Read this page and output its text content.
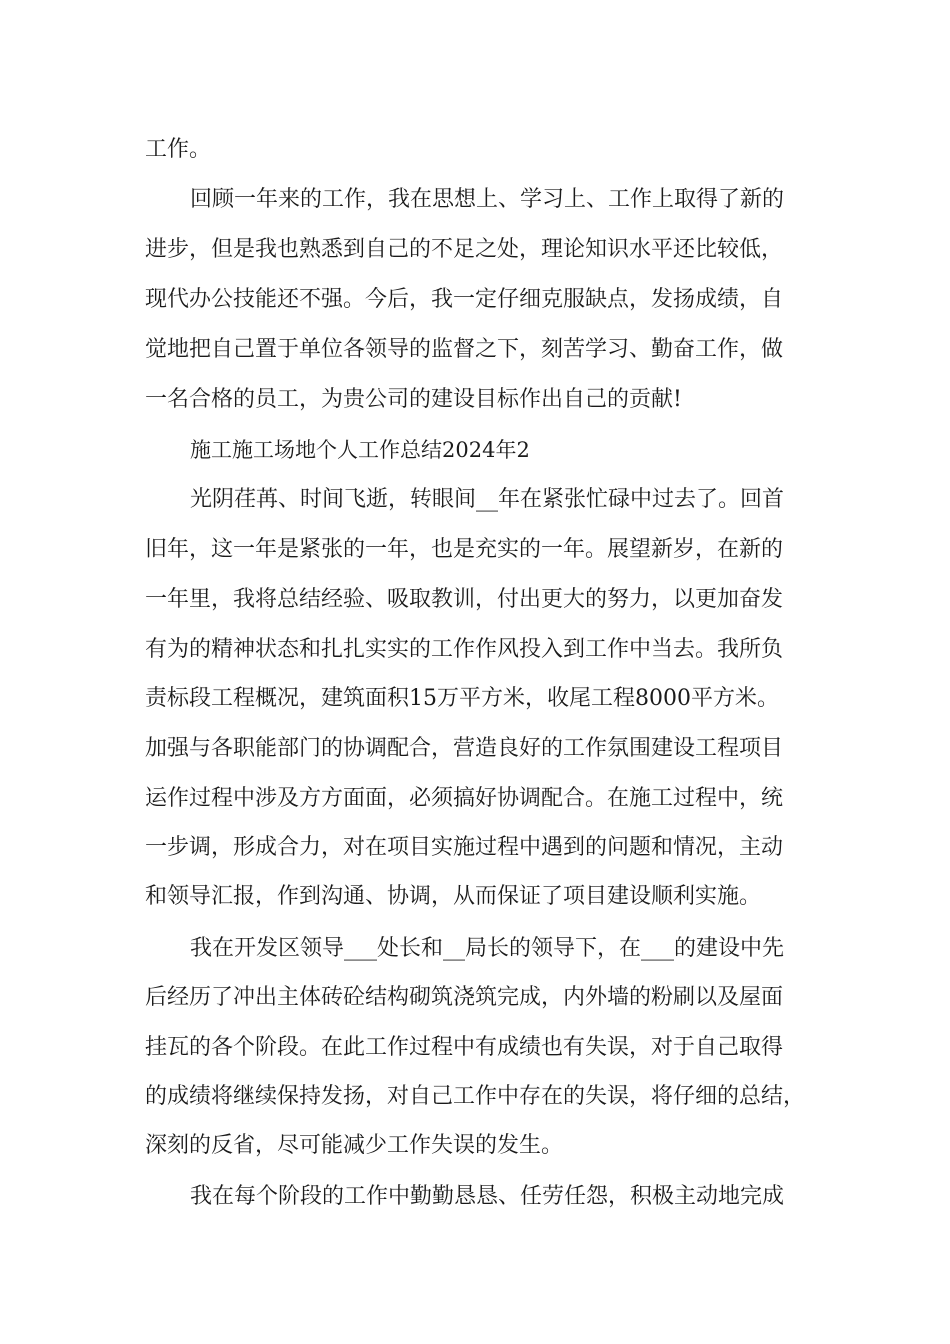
工作。
回顾一年来的工作，我在思想上、学习上、工作上取得了新的
进步，但是我也熟悉到自己的不足之处，理论知识水平还比较低，
现代办公技能还不强。今后，我一定仔细克服缺点，发扬成绩，自
觉地把自己置于单位各领导的监督之下，刻苦学习、勤奋工作，做
一名合格的员工，为贵公司的建设目标作出自己的贡献!
施工施工场地个人工作总结2024年2
光阴荏苒、时间飞逝，转眼间__年在紧张忙碌中过去了。回首
旧年，这一年是紧张的一年，也是充实的一年。展望新岁，在新的
一年里，我将总结经验、吸取教训，付出更大的努力，以更加奋发
有为的精神状态和扎扎实实的工作作风投入到工作中当去。我所负
责标段工程概况，建筑面积15万平方米，收尾工程8000平方米。
加强与各职能部门的协调配合，营造良好的工作氛围建设工程项目
运作过程中涉及方方面面，必须搞好协调配合。在施工过程中，统
一步调，形成合力，对在项目实施过程中遇到的问题和情况，主动
和领导汇报，作到沟通、协调，从而保证了项目建设顺利实施。
我在开发区领导___处长和__局长的领导下，在___的建设中先
后经历了冲出主体砖砼结构砌筑浇筑完成，内外墙的粉刷以及屋面
挂瓦的各个阶段。在此工作过程中有成绩也有失误，对于自己取得
的成绩将继续保持发扬，对自己工作中存在的失误，将仔细的总结，
深刻的反省，尽可能减少工作失误的发生。
我在每个阶段的工作中勤勤恳恳、任劳任怨，积极主动地完成
